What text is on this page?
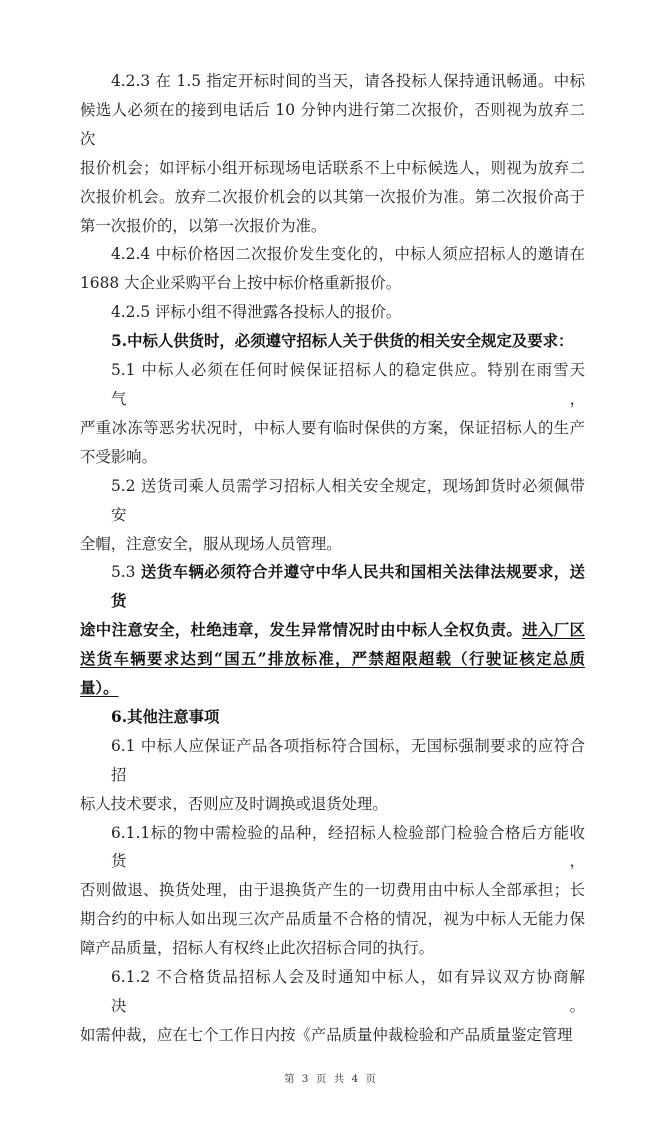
4.2.3 在 1.5 指定开标时间的当天，请各投标人保持通讯畅通。中标
候选人必须在的接到电话后 10 分钟内进行第二次报价，否则视为放弃二次
报价机会；如评标小组开标现场电话联系不上中标候选人，则视为放弃二
次报价机会。放弃二次报价机会的以其第一次报价为准。第二次报价高于
第一次报价的，以第一次报价为准。
4.2.4 中标价格因二次报价发生变化的，中标人须应招标人的邀请在
1688 大企业采购平台上按中标价格重新报价。
4.2.5 评标小组不得泄露各投标人的报价。
5.中标人供货时，必须遵守招标人关于供货的相关安全规定及要求：
5.1 中标人必须在任何时候保证招标人的稳定供应。特别在雨雪天气，
严重冰冻等恶劣状况时，中标人要有临时保供的方案，保证招标人的生产
不受影响。
5.2 送货司乘人员需学习招标人相关安全规定，现场卸货时必须佩带安
全帽，注意安全，服从现场人员管理。
5.3 送货车辆必须符合并遵守中华人民共和国相关法律法规要求，送货
途中注意安全，杜绝违章，发生异常情况时由中标人全权负责。进入厂区
送货车辆要求达到“国五”排放标准，严禁超限超载（行驶证核定总质
量）。
6.其他注意事项
6.1 中标人应保证产品各项指标符合国标，无国标强制要求的应符合招
标人技术要求，否则应及时调换或退货处理。
6.1.1标的物中需检验的品种，经招标人检验部门检验合格后方能收货，
否则做退、换货处理，由于退换货产生的一切费用由中标人全部承担；长
期合约的中标人如出现三次产品质量不合格的情况，视为中标人无能力保
障产品质量，招标人有权终止此次招标合同的执行。
6.1.2 不合格货品招标人会及时通知中标人，如有异议双方协商解决。
如需仲裁，应在七个工作日内按《产品质量仲裁检验和产品质量鉴定管理
第 3 页 共 4 页
